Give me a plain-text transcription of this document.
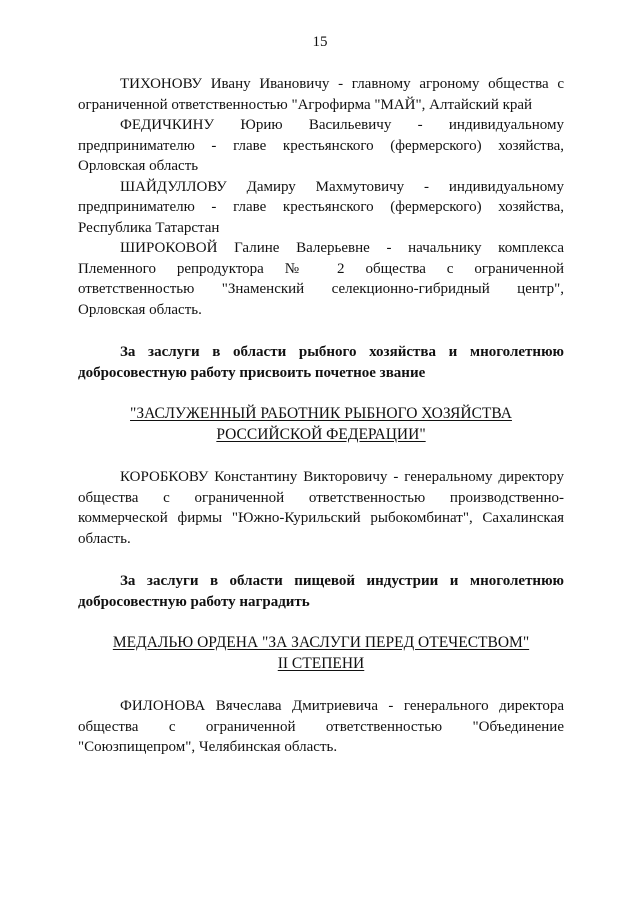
15

ТИХОНОВУ Ивану Ивановичу - главному агроному общества с ограниченной ответственностью "Агрофирма "МАЙ", Алтайский край

ФЕДИЧКИНУ Юрию Васильевичу - индивидуальному предпринимателю - главе крестьянского (фермерского) хозяйства, Орловская область

ШАЙДУЛЛОВУ Дамиру Махмутовичу - индивидуальному предпринимателю - главе крестьянского (фермерского) хозяйства, Республика Татарстан

ШИРОКОВОЙ Галине Валерьевне - начальнику комплекса Племенного репродуктора № 2 общества с ограниченной ответственностью "Знаменский селекционно-гибридный центр", Орловская область.

За заслуги в области рыбного хозяйства и многолетнюю добросовестную работу присвоить почетное звание

"ЗАСЛУЖЕННЫЙ РАБОТНИК РЫБНОГО ХОЗЯЙСТВА
РОССИЙСКОЙ ФЕДЕРАЦИИ"

КОРОБКОВУ Константину Викторовичу - генеральному директору общества с ограниченной ответственностью производственно-коммерческой фирмы "Южно-Курильский рыбокомбинат", Сахалинская область.

За заслуги в области пищевой индустрии и многолетнюю добросовестную работу наградить

МЕДАЛЬЮ ОРДЕНА "ЗА ЗАСЛУГИ ПЕРЕД ОТЕЧЕСТВОМ"
II СТЕПЕНИ

ФИЛОНОВА Вячеслава Дмитриевича - генерального директора общества с ограниченной ответственностью "Объединение "Союзпищепром", Челябинская область.
